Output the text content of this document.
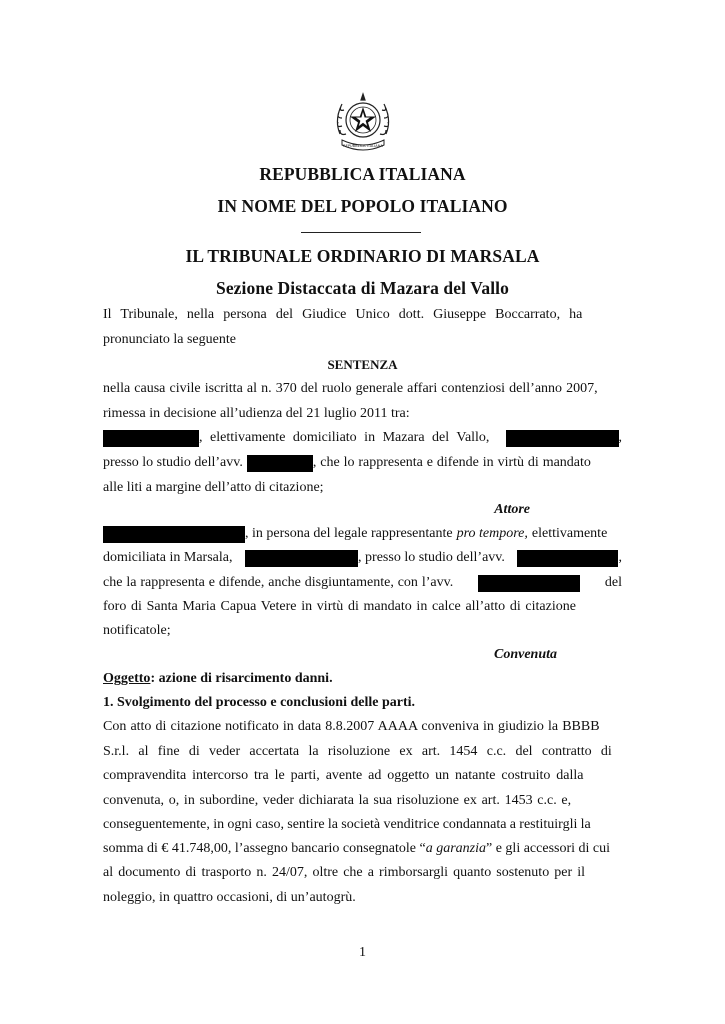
REPUBBLICA ITALIANA
REPUBBLICA ITALIANA
IN NOME DEL POPOLO ITALIANO
IL TRIBUNALE ORDINARIO DI MARSALA
Sezione Distaccata di Mazara del Vallo
Il Tribunale, nella persona del Giudice Unico dott. Giuseppe Boccarrato, ha
pronunciato la seguente
SENTENZA
nella causa civile iscritta al n. 370 del ruolo generale affari contenziosi dell’anno 2007,
rimessa in decisione all’udienza del 21 luglio 2011 tra:
, elettivamente domiciliato in Mazara del Vallo,	,
presso lo studio dell’avv.	, che lo rappresenta e difende in virtù di mandato
alle liti a margine dell’atto di citazione;
Attore
, in persona del legale rappresentante pro tempore, elettivamente
domiciliata in Marsala,	, presso lo studio dell’avv.	,
che la rappresenta e difende, anche disgiuntamente, con l’avv.	del
foro di Santa Maria Capua Vetere in virtù di mandato in calce all’atto di citazione
notificatole;
Convenuta
Oggetto: azione di risarcimento danni.
1. Svolgimento del processo e conclusioni delle parti.
Con atto di citazione notificato in data 8.8.2007 AAAA conveniva in giudizio la BBBB
S.r.l. al fine di veder accertata la risoluzione ex art. 1454 c.c. del contratto di
compravendita intercorso tra le parti, avente ad oggetto un natante costruito dalla
convenuta, o, in subordine, veder dichiarata la sua risoluzione ex art. 1453 c.c. e,
conseguentemente, in ogni caso, sentire la società venditrice condannata a restituirgli la
somma di € 41.748,00, l’assegno bancario consegnatole “a garanzia” e gli accessori di cui
al documento di trasporto n. 24/07, oltre che a rimborsargli quanto sostenuto per il
noleggio, in quattro occasioni, di un’autogrù.
1
